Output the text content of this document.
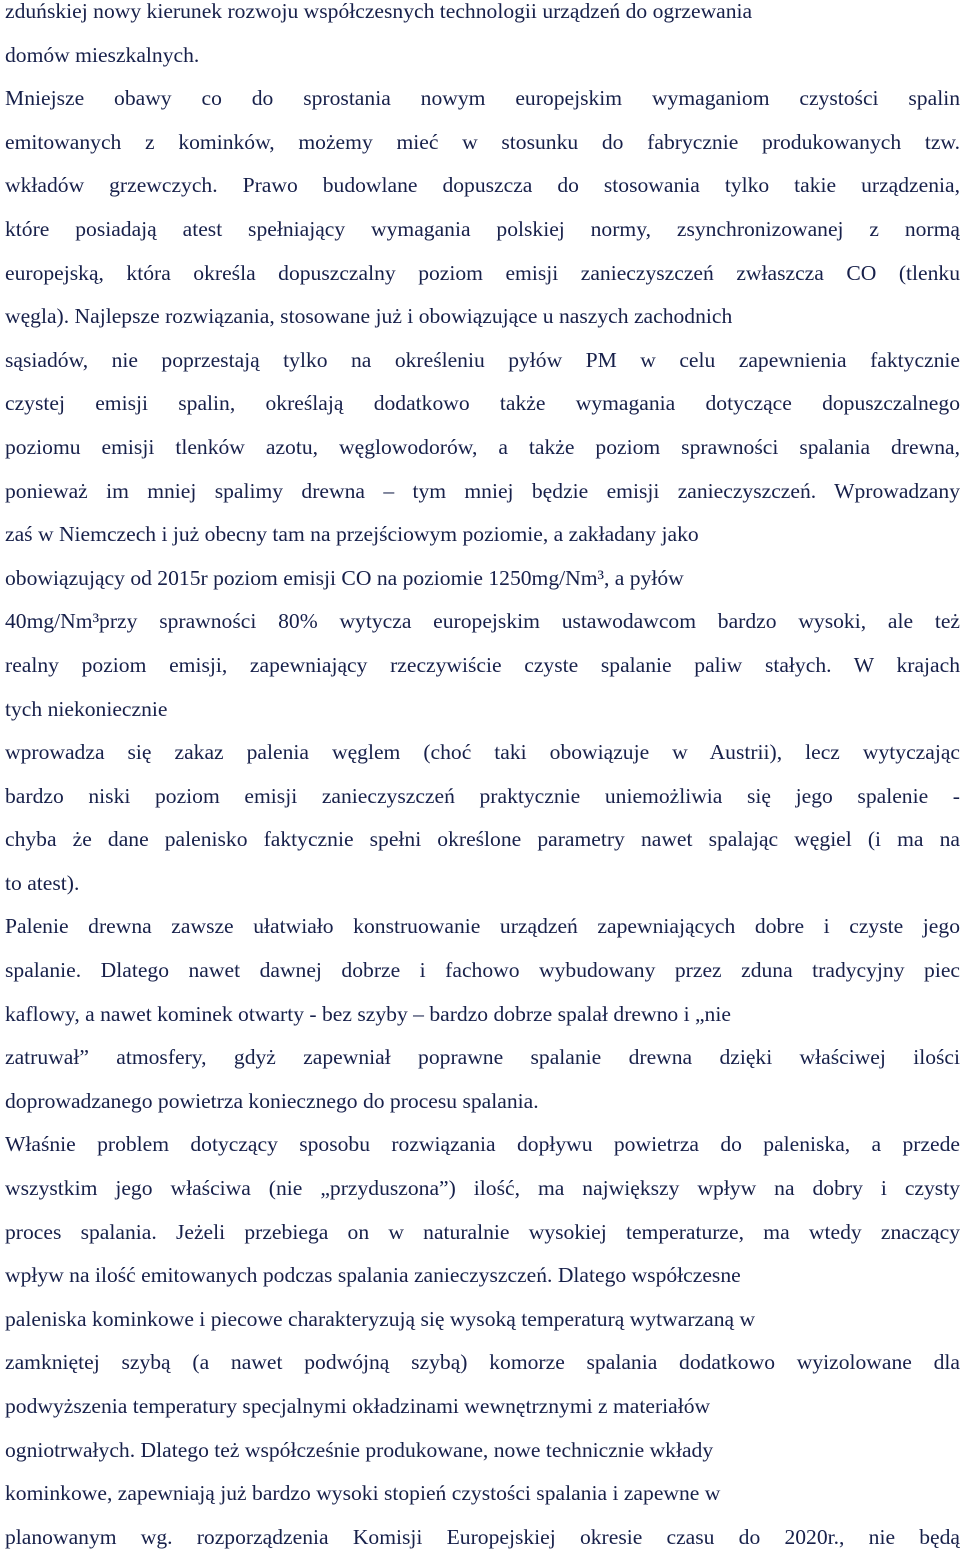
zduńskiej nowy kierunek rozwoju współczesnych technologii urządzeń do ogrzewania
domów mieszkalnych.
Mniejsze obawy co do sprostania nowym europejskim wymaganiom czystości spalin
emitowanych z kominków, możemy mieć w stosunku do fabrycznie produkowanych tzw.
wkładów grzewczych. Prawo budowlane dopuszcza do stosowania tylko takie urządzenia,
które posiadają atest spełniający wymagania polskiej normy, zsynchronizowanej z normą
europejską, która określa dopuszczalny poziom emisji zanieczyszczeń zwłaszcza CO (tlenku
węgla). Najlepsze rozwiązania, stosowane już i obowiązujące u naszych zachodnich
sąsiadów, nie poprzestają tylko na określeniu pyłów PM w celu zapewnienia faktycznie
czystej emisji spalin, określają dodatkowo także wymagania dotyczące dopuszczalnego
poziomu emisji tlenków azotu, węglowodorów, a także poziom sprawności spalania drewna,
ponieważ im mniej spalimy drewna – tym mniej będzie emisji zanieczyszczeń. Wprowadzany
zaś w Niemczech i już obecny tam na przejściowym poziomie, a zakładany jako
obowiązujący od 2015r poziom emisji CO na poziomie 1250mg/Nm³, a pyłów
40mg/Nm³przy sprawności 80% wytycza europejskim ustawodawcom bardzo wysoki, ale też
realny poziom emisji, zapewniający rzeczywiście czyste spalanie paliw stałych. W krajach
tych niekoniecznie
wprowadza się zakaz palenia węglem (choć taki obowiązuje w Austrii), lecz wytyczając
bardzo niski poziom emisji zanieczyszczeń praktycznie uniemożliwia się jego spalenie -
chyba że dane palenisko faktycznie spełni określone parametry nawet spalając węgiel (i ma na
to atest).
Palenie drewna zawsze ułatwiało konstruowanie urządzeń zapewniających dobre i czyste jego
spalanie. Dlatego nawet dawnej dobrze i fachowo wybudowany przez zduna tradycyjny piec
kaflowy, a nawet kominek otwarty - bez szyby – bardzo dobrze spalał drewno i „nie
zatruwał” atmosfery, gdyż zapewniał poprawne spalanie drewna dzięki właściwej ilości
doprowadzanego powietrza koniecznego do procesu spalania.
Właśnie problem dotyczący sposobu rozwiązania dopływu powietrza do paleniska, a przede
wszystkim jego właściwa (nie „przyduszona”) ilość, ma największy wpływ na dobry i czysty
proces spalania. Jeżeli przebiega on w naturalnie wysokiej temperaturze, ma wtedy znaczący
wpływ na ilość emitowanych podczas spalania zanieczyszczeń. Dlatego współczesne
paleniska kominkowe i piecowe charakteryzują się wysoką temperaturą wytwarzaną w
zamkniętej szybą (a nawet podwójną szybą) komorze spalania dodatkowo wyizolowane dla
podwyższenia temperatury specjalnymi okładzinami wewnętrznymi z materiałów
ogniotrwałych. Dlatego też współcześnie produkowane, nowe technicznie wkłady
kominkowe, zapewniają już bardzo wysoki stopień czystości spalania i zapewne w
planowanym wg. rozporządzenia Komisji Europejskiej okresie czasu do 2020r., nie będą
